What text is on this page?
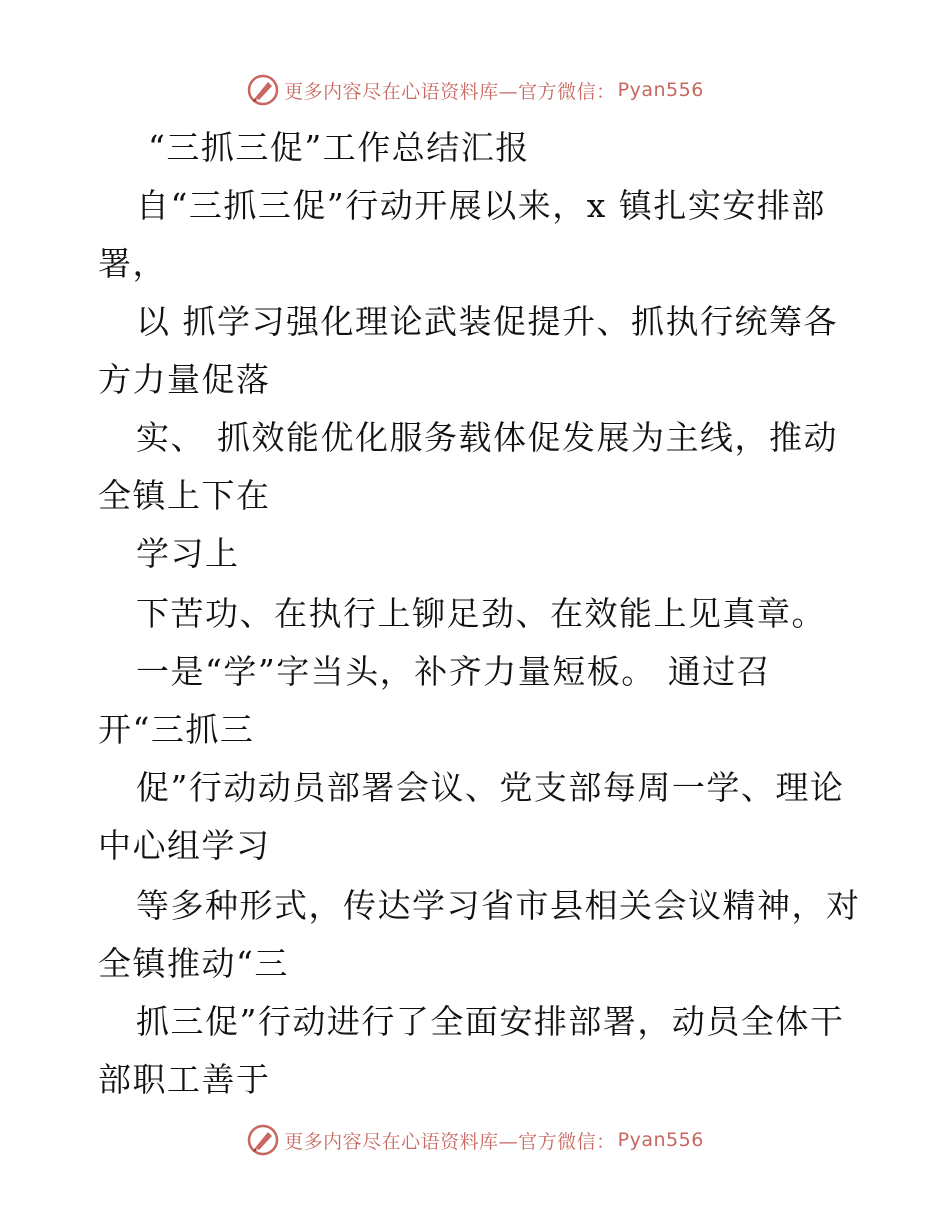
更多内容尽在心语资料库—官方微信： Pyan556
“三抓三促”工作总结汇报
自“三抓三促”行动开展以来，x 镇扎实安排部
署，
以 抓学习强化理论武装促提升、抓执行统筹各
方力量促落
实、 抓效能优化服务载体促发展为主线，推动
全镇上下在
学习上
下苦功、在执行上铆足劲、在效能上见真章。
一是“学”字当头，补齐力量短板。 通过召
开“三抓三
促”行动动员部署会议、党支部每周一学、理论
中心组学习
等多种形式，传达学习省市县相关会议精神，对
全镇推动“三
抓三促”行动进行了全面安排部署，动员全体干
部职工善于
更多内容尽在心语资料库—官方微信： Pyan556
